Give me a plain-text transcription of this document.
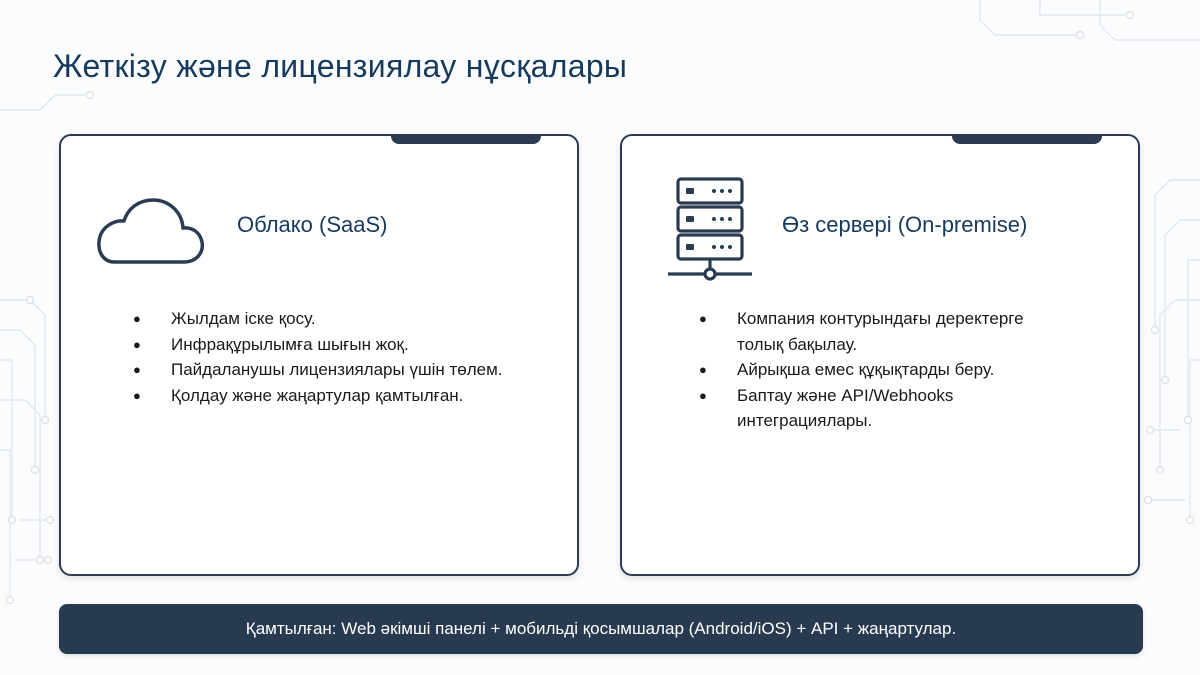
Жеткізу және лицензиялау нұсқалары
Облако (SaaS)
● Жылдам іске қосу.
● Инфрақұрылымға шығын жоқ.
● Пайдаланушы лицензиялары үшін төлем.
● Қолдау және жаңартулар қамтылған.
Өз сервері (On-premise)
● Компания контурындағы деректерге толық бақылау.
● Айрықша емес құқықтарды беру.
● Баптау және API/Webhooks интеграциялары.
Қамтылған: Web әкімші панелі + мобильді қосымшалар (Android/iOS) + API + жаңартулар.
